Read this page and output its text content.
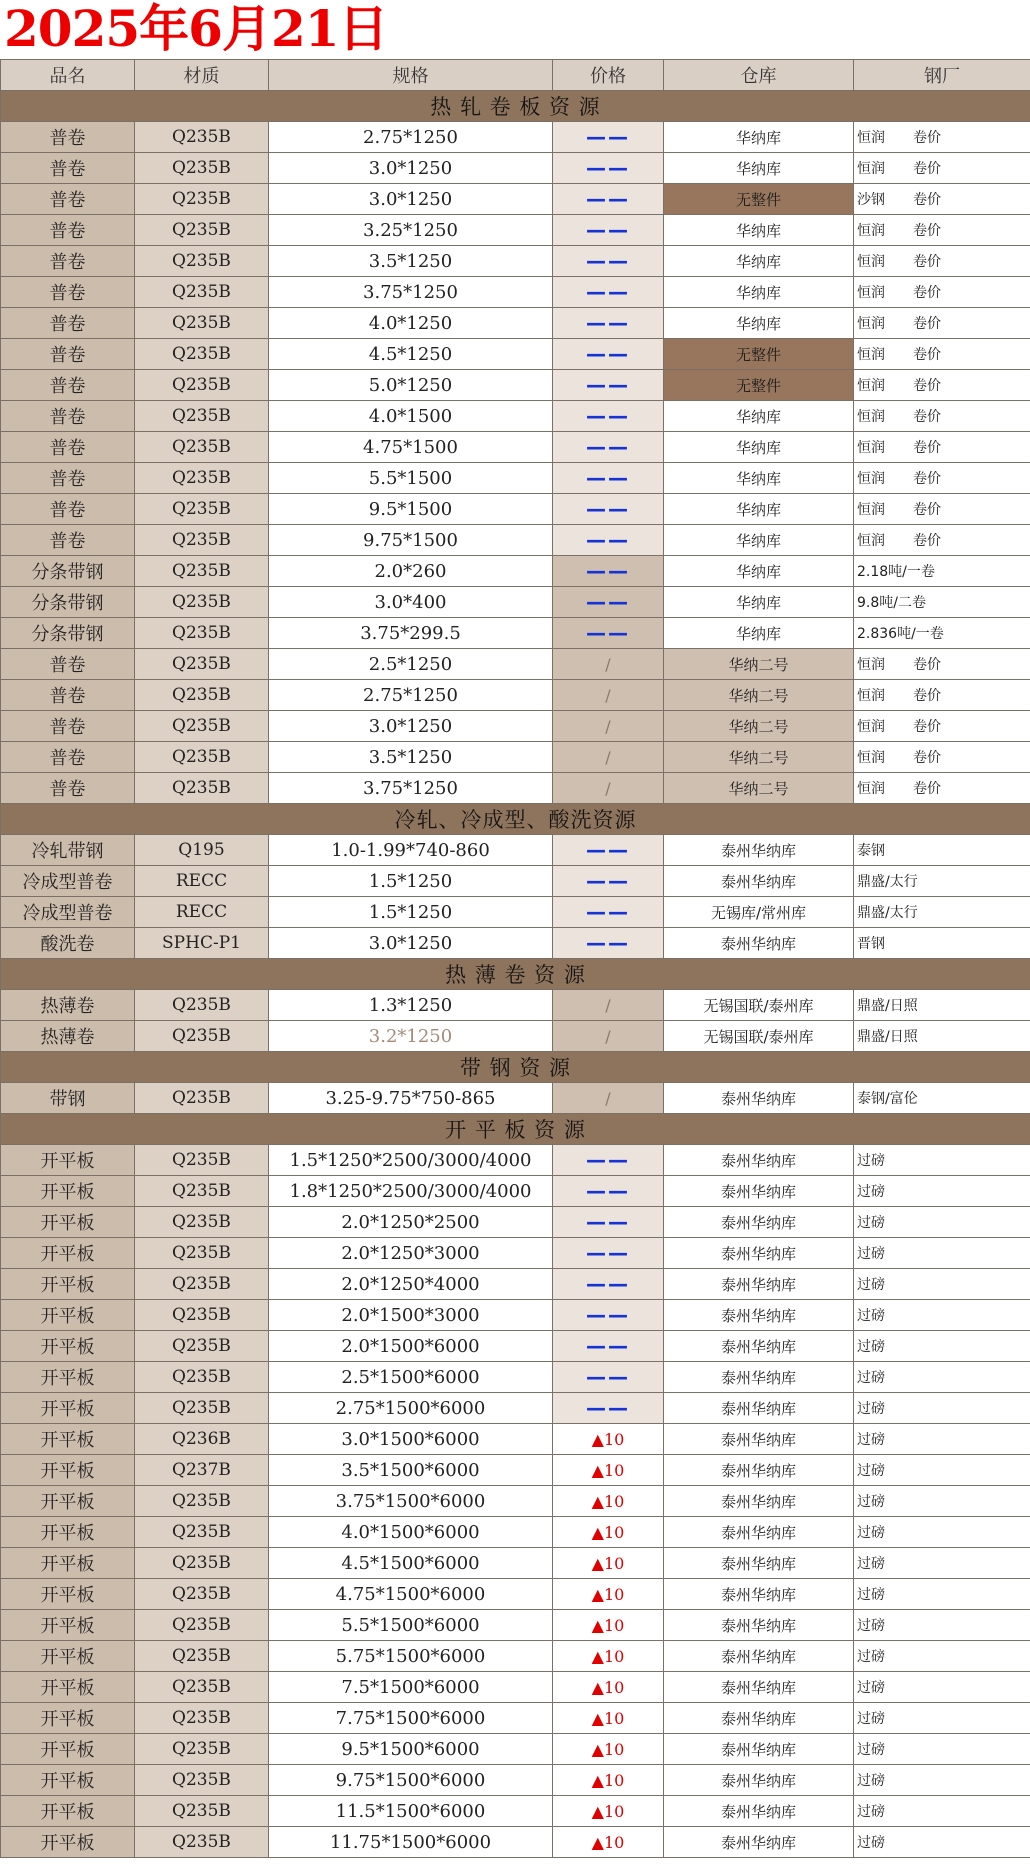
2025年6月21日
品名	材质	规格	价格	仓库	钢厂
热 轧 卷 板 资 源					
普卷	Q235B	2.75*1250	——	华纳库	恒润　　卷价
普卷	Q235B	3.0*1250	——	华纳库	恒润　　卷价
普卷	Q235B	3.0*1250	——	无整件	沙钢　　卷价
普卷	Q235B	3.25*1250	——	华纳库	恒润　　卷价
普卷	Q235B	3.5*1250	——	华纳库	恒润　　卷价
普卷	Q235B	3.75*1250	——	华纳库	恒润　　卷价
普卷	Q235B	4.0*1250	——	华纳库	恒润　　卷价
普卷	Q235B	4.5*1250	——	无整件	恒润　　卷价
普卷	Q235B	5.0*1250	——	无整件	恒润　　卷价
普卷	Q235B	4.0*1500	——	华纳库	恒润　　卷价
普卷	Q235B	4.75*1500	——	华纳库	恒润　　卷价
普卷	Q235B	5.5*1500	——	华纳库	恒润　　卷价
普卷	Q235B	9.5*1500	——	华纳库	恒润　　卷价
普卷	Q235B	9.75*1500	——	华纳库	恒润　　卷价
分条带钢	Q235B	2.0*260	——	华纳库	2.18吨/一卷
分条带钢	Q235B	3.0*400	——	华纳库	9.8吨/二卷
分条带钢	Q235B	3.75*299.5	——	华纳库	2.836吨/一卷
普卷	Q235B	2.5*1250	/	华纳二号	恒润　　卷价
普卷	Q235B	2.75*1250	/	华纳二号	恒润　　卷价
普卷	Q235B	3.0*1250	/	华纳二号	恒润　　卷价
普卷	Q235B	3.5*1250	/	华纳二号	恒润　　卷价
普卷	Q235B	3.75*1250	/	华纳二号	恒润　　卷价
冷轧、冷成型、酸洗资源					
冷轧带钢	Q195	1.0-1.99*740-860	——	泰州华纳库	泰钢
冷成型普卷	RECC	1.5*1250	——	泰州华纳库	鼎盛/太行
冷成型普卷	RECC	1.5*1250	——	无锡库/常州库	鼎盛/太行
酸洗卷	SPHC-P1	3.0*1250	——	泰州华纳库	晋钢
热 薄 卷 资 源					
热薄卷	Q235B	1.3*1250	/	无锡国联/泰州库	鼎盛/日照
热薄卷	Q235B	3.2*1250	/	无锡国联/泰州库	鼎盛/日照
带 钢 资 源					
带钢	Q235B	3.25-9.75*750-865	/	泰州华纳库	泰钢/富伦
开 平 板 资 源					
开平板	Q235B	1.5*1250*2500/3000/4000	——	泰州华纳库	过磅
开平板	Q235B	1.8*1250*2500/3000/4000	——	泰州华纳库	过磅
开平板	Q235B	2.0*1250*2500	——	泰州华纳库	过磅
开平板	Q235B	2.0*1250*3000	——	泰州华纳库	过磅
开平板	Q235B	2.0*1250*4000	——	泰州华纳库	过磅
开平板	Q235B	2.0*1500*3000	——	泰州华纳库	过磅
开平板	Q235B	2.0*1500*6000	——	泰州华纳库	过磅
开平板	Q235B	2.5*1500*6000	——	泰州华纳库	过磅
开平板	Q235B	2.75*1500*6000	——	泰州华纳库	过磅
开平板	Q236B	3.0*1500*6000	▲10	泰州华纳库	过磅
开平板	Q237B	3.5*1500*6000	▲10	泰州华纳库	过磅
开平板	Q235B	3.75*1500*6000	▲10	泰州华纳库	过磅
开平板	Q235B	4.0*1500*6000	▲10	泰州华纳库	过磅
开平板	Q235B	4.5*1500*6000	▲10	泰州华纳库	过磅
开平板	Q235B	4.75*1500*6000	▲10	泰州华纳库	过磅
开平板	Q235B	5.5*1500*6000	▲10	泰州华纳库	过磅
开平板	Q235B	5.75*1500*6000	▲10	泰州华纳库	过磅
开平板	Q235B	7.5*1500*6000	▲10	泰州华纳库	过磅
开平板	Q235B	7.75*1500*6000	▲10	泰州华纳库	过磅
开平板	Q235B	9.5*1500*6000	▲10	泰州华纳库	过磅
开平板	Q235B	9.75*1500*6000	▲10	泰州华纳库	过磅
开平板	Q235B	11.5*1500*6000	▲10	泰州华纳库	过磅
开平板	Q235B	11.75*1500*6000	▲10	泰州华纳库	过磅
